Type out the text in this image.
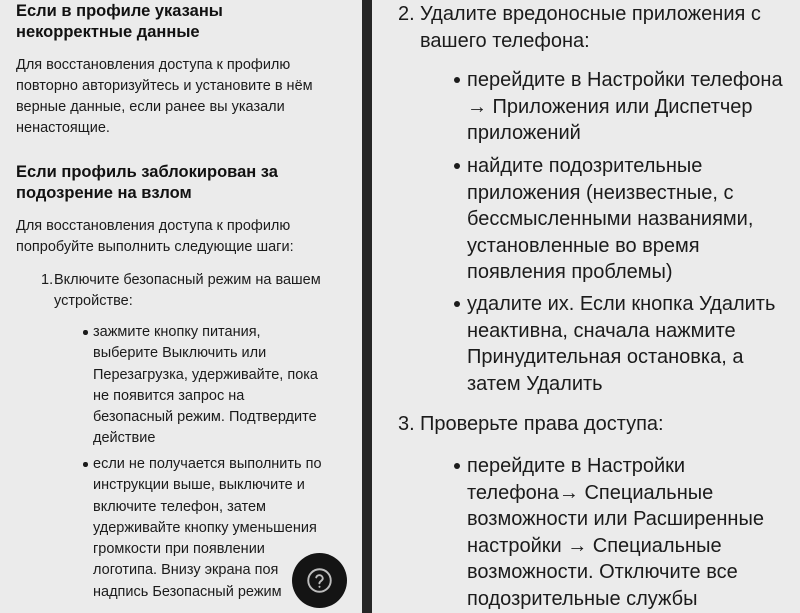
Если в профиле указаны
некорректные данные
Для восстановления доступа к профилю
повторно авторизуйтесь и установите в нём
верные данные, если ранее вы указали
ненастоящие.
Если профиль заблокирован за
подозрение на взлом
Для восстановления доступа к профилю
попробуйте выполнить следующие шаги:
1. Включите безопасный режим на вашем
устройстве:
зажмите кнопку питания,
выберите Выключить или
Перезагрузка, удерживайте, пока
не появится запрос на
безопасный режим. Подтвердите
действие
если не получается выполнить по
инструкции выше, выключите и
включите телефон, затем
удерживайте кнопку уменьшения
громкости при появлении
логотипа. Внизу экрана поя
надпись Безопасный режим
2. Удалите вредоносные приложения с
вашего телефона:
перейдите в Настройки телефона
→ Приложения или Диспетчер
приложений
найдите подозрительные
приложения (неизвестные, с
бессмысленными названиями,
установленные во время
появления проблемы)
удалите их. Если кнопка Удалить
неактивна, сначала нажмите
Принудительная остановка, а
затем Удалить
3. Проверьте права доступа:
перейдите в Настройки
телефона→ Специальные
возможности или Расширенные
настройки → Специальные
возможности. Отключите все
подозрительные службы
